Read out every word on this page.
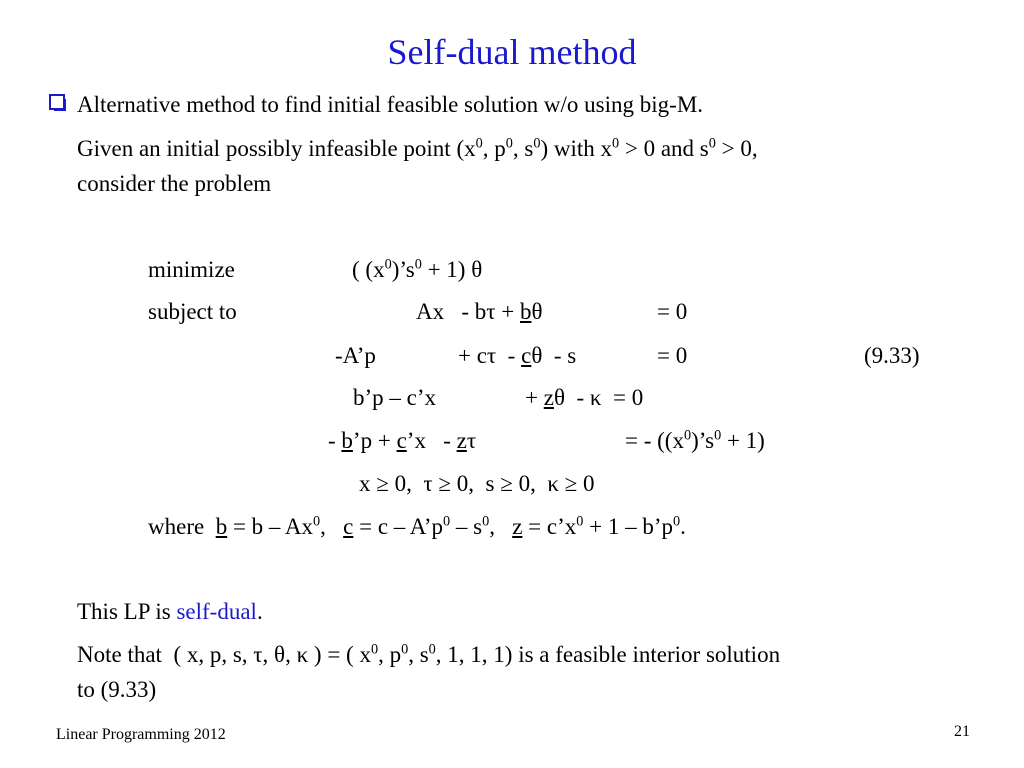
Self-dual method
Alternative method to find initial feasible solution w/o using big-M.
Given an initial possibly infeasible point ($x^0$, $p^0$, $s^0$) with $x^0 > 0$ and $s^0 > 0$,
consider the problem
minimize	( $(x^0)’s^0 + 1$) θ
subject to	Ax   - bτ + bθ	= 0
-A’p	+ cτ  - cθ  - s	= 0	(9.33)
b’p – c’x	+ zθ  - κ  = 0
- b’p + c’x   - zτ	= - $((x^0)’s^0 + 1)$
x ≥ 0,  τ ≥ 0,  s ≥ 0,  κ ≥ 0
where  b = b – Ax$^0$,   $c = c - A’p^0 - s^0$,   $z = c’x^0 + 1$ – $b’p^0$.
This LP is self-dual.
Note that  ( x, p, s, τ, θ, κ ) = ( $x^0$, $p^0$, $s^0$, 1, 1, 1) is a feasible interior solution
to (9.33)
Linear Programming 2012	21
